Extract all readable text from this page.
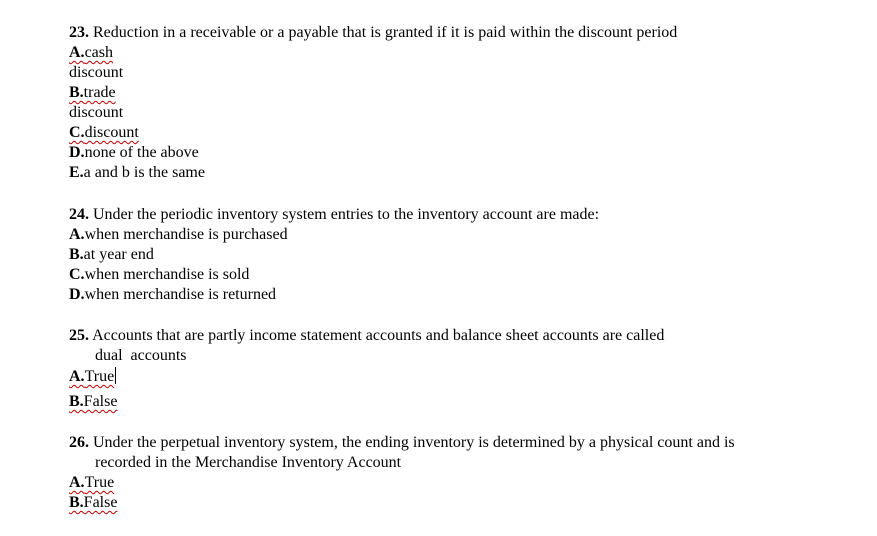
23. Reduction in a receivable or a payable that is granted if it is paid within the discount period
A.cash
discount
B.trade
discount
C.discount
D.none of the above
E.a and b is the same
24. Under the periodic inventory system entries to the inventory account are made:
A.when merchandise is purchased
B.at year end
C.when merchandise is sold
D.when merchandise is returned
25. Accounts that are partly income statement accounts and balance sheet accounts are called
dual  accounts
A.True
B.False
26. Under the perpetual inventory system, the ending inventory is determined by a physical count and is
recorded in the Merchandise Inventory Account
A.True
B.False
